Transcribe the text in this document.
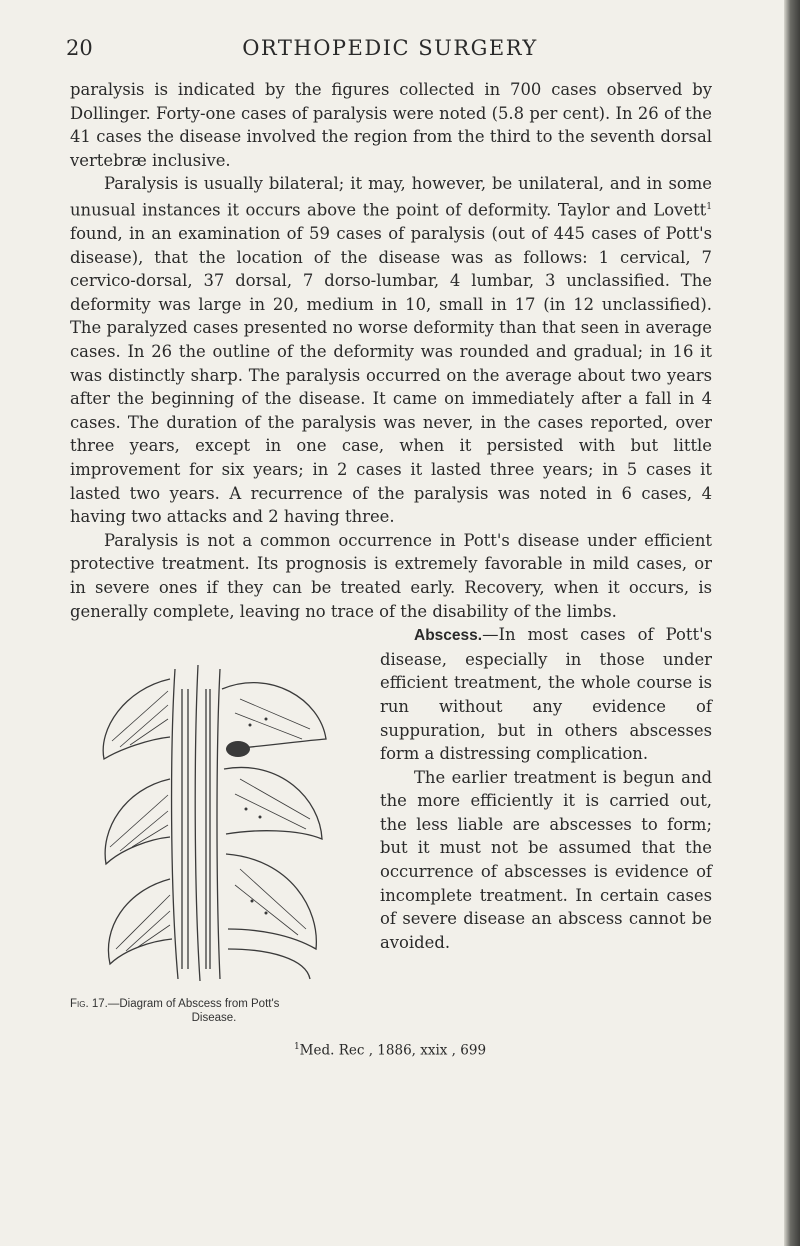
20	ORTHOPEDIC SURGERY

paralysis is indicated by the figures collected in 700 cases observed by Dollinger. Forty-one cases of paralysis were noted (5.8 per cent). In 26 of the 41 cases the disease involved the region from the third to the seventh dorsal vertebræ inclusive.

Paralysis is usually bilateral; it may, however, be unilateral, and in some unusual instances it occurs above the point of deformity. Taylor and Lovett$^1$ found, in an examination of 59 cases of paralysis (out of 445 cases of Pott's disease), that the location of the disease was as follows: 1 cervical, 7 cervico-dorsal, 37 dorsal, 7 dorso-lumbar, 4 lumbar, 3 unclassified. The deformity was large in 20, medium in 10, small in 17 (in 12 unclassified). The paralyzed cases presented no worse deformity than that seen in average cases. In 26 the outline of the deformity was rounded and gradual; in 16 it was distinctly sharp. The paralysis occurred on the average about two years after the beginning of the disease. It came on immediately after a fall in 4 cases. The duration of the paralysis was never, in the cases reported, over three years, except in one case, when it persisted with but little improvement for six years; in 2 cases it lasted three years; in 5 cases it lasted two years. A recurrence of the paralysis was noted in 6 cases, 4 having two attacks and 2 having three.

Paralysis is not a common occurrence in Pott's disease under efficient protective treatment. Its prognosis is extremely favorable in mild cases, or in severe ones if they can be treated early. Recovery, when it occurs, is generally complete, leaving no trace of the disability of the limbs.

Fig. 17.—Diagram of Abscess from Pott's
Disease.

Abscess.—In most cases of Pott's disease, especially in those under efficient treatment, the whole course is run without any evidence of suppuration, but in others abscesses form a distressing complication.

The earlier treatment is begun and the more efficiently it is carried out, the less liable are abscesses to form; but it must not be assumed that the occurrence of abscesses is evidence of incomplete treatment. In certain cases of severe disease an abscess cannot be avoided.

$^1$Med. Rec , 1886, xxix , 699
